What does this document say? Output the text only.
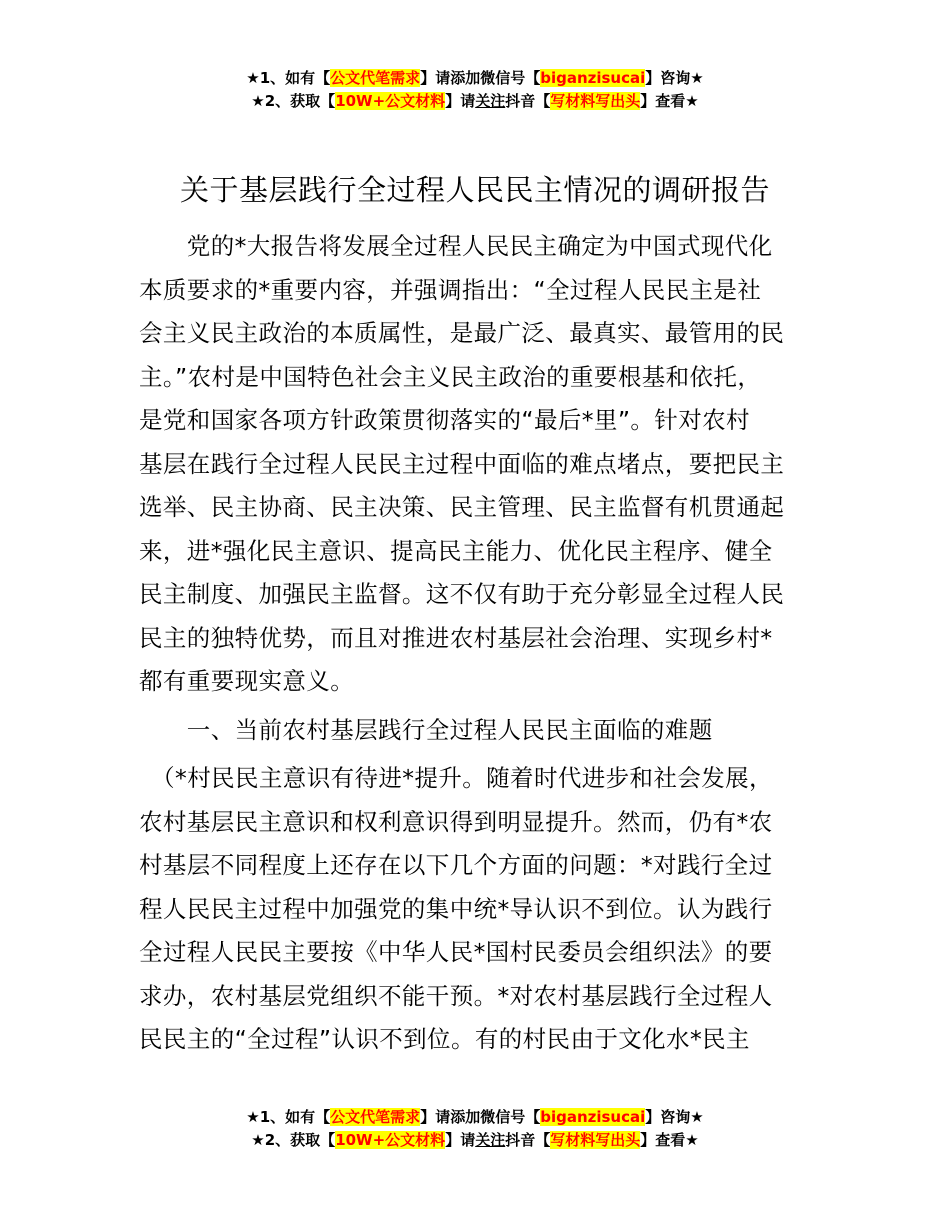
★1、如有【公文代笔需求】请添加微信号【biganzisucai】咨询★
★2、获取【10W+公文材料】请关注抖音【写材料写出头】查看★
关于基层践行全过程人民民主情况的调研报告
　　党的*大报告将发展全过程人民民主确定为中国式现代化
本质要求的*重要内容，并强调指出：“全过程人民民主是社
会主义民主政治的本质属性，是最广泛、最真实、最管用的民
主。”农村是中国特色社会主义民主政治的重要根基和依托，
是党和国家各项方针政策贯彻落实的“最后*里”。针对农村
基层在践行全过程人民民主过程中面临的难点堵点，要把民主
选举、民主协商、民主决策、民主管理、民主监督有机贯通起
来，进*强化民主意识、提高民主能力、优化民主程序、健全
民主制度、加强民主监督。这不仅有助于充分彰显全过程人民
民主的独特优势，而且对推进农村基层社会治理、实现乡村*
都有重要现实意义。
　　一、当前农村基层践行全过程人民民主面临的难题
　（*村民民主意识有待进*提升。随着时代进步和社会发展，
农村基层民主意识和权利意识得到明显提升。然而，仍有*农
村基层不同程度上还存在以下几个方面的问题：*对践行全过
程人民民主过程中加强党的集中统*导认识不到位。认为践行
全过程人民民主要按《中华人民*国村民委员会组织法》的要
求办，农村基层党组织不能干预。*对农村基层践行全过程人
民民主的“全过程”认识不到位。有的村民由于文化水*民主
★1、如有【公文代笔需求】请添加微信号【biganzisucai】咨询★
★2、获取【10W+公文材料】请关注抖音【写材料写出头】查看★
